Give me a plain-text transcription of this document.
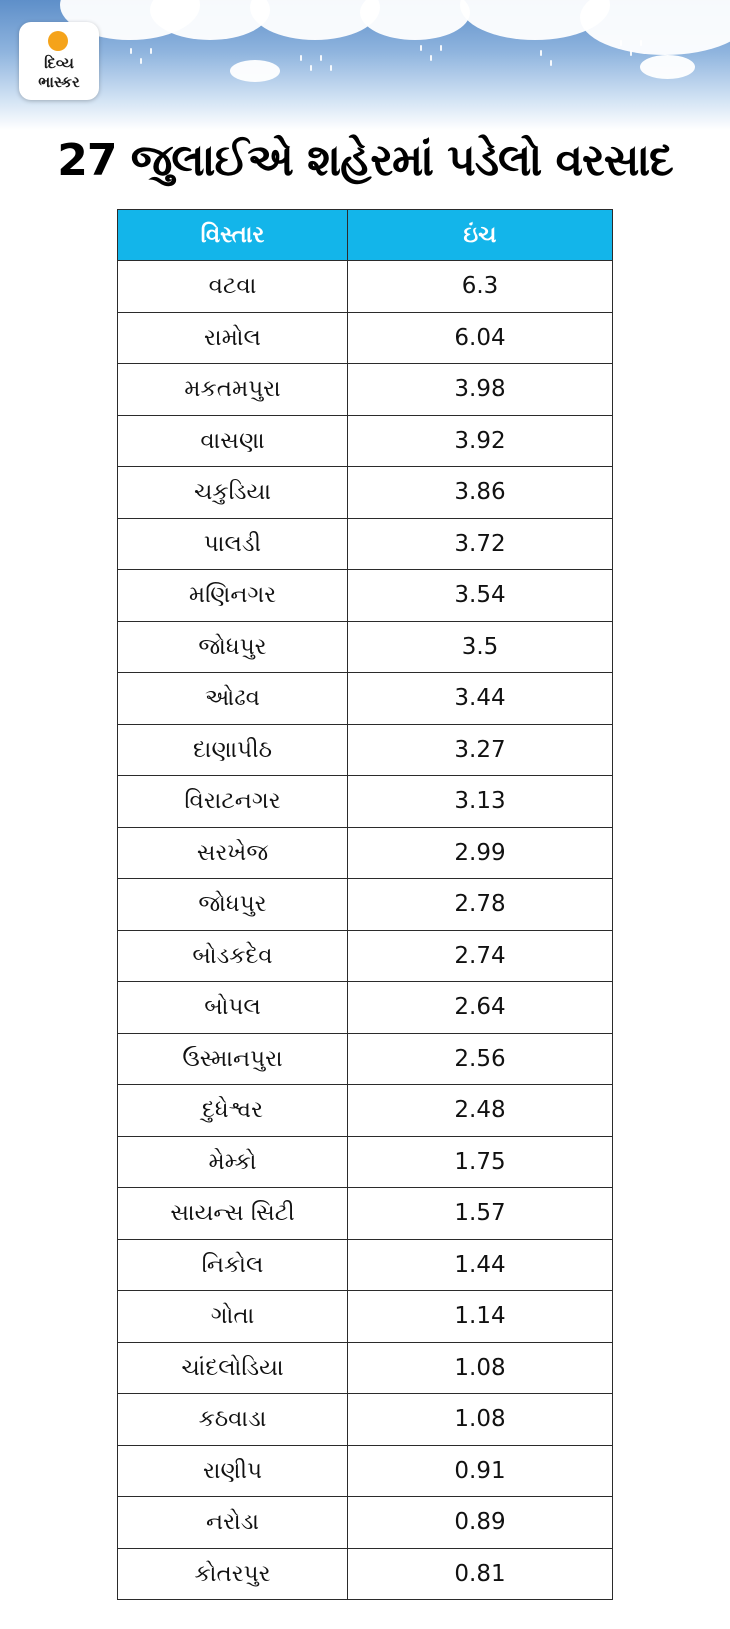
દિવ્ય
ભાસ્કર
27 જુલાઈએ શહેરમાં પડેલો વરસાદ
વિસ્તાર	ઇંચ
વટવા	6.3
રામોલ	6.04
મકતમપુરા	3.98
વાસણા	3.92
ચકુડિયા	3.86
પાલડી	3.72
મણિનગર	3.54
જોધપુર	3.5
ઓઢવ	3.44
દાણાપીઠ	3.27
વિરાટનગર	3.13
સરખેજ	2.99
જોધપુર	2.78
બોડકદેવ	2.74
બોપલ	2.64
ઉસ્માનપુરા	2.56
દુધેશ્વર	2.48
મેમ્કો	1.75
સાયન્સ સિટી	1.57
નિકોલ	1.44
ગોતા	1.14
ચાંદલોડિયા	1.08
કઠવાડા	1.08
રાણીપ	0.91
નરોડા	0.89
કોતરપુર	0.81
